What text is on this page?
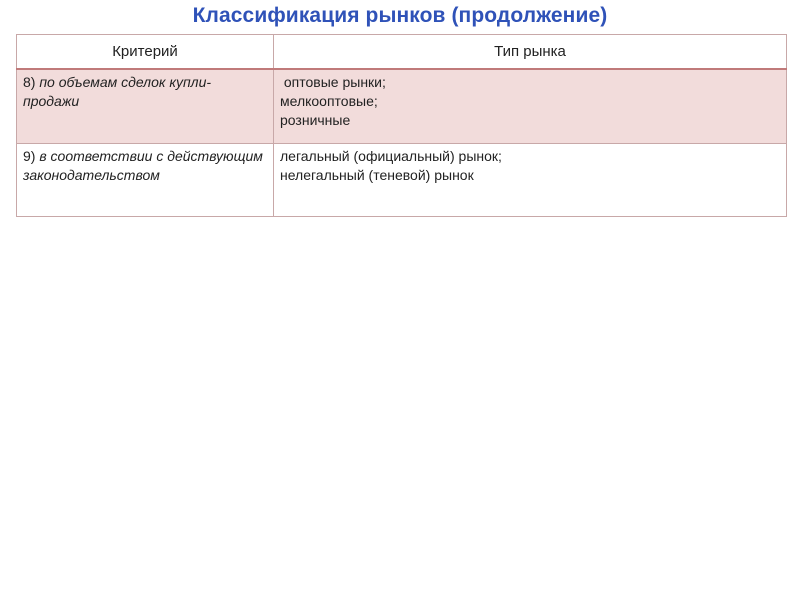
Классификация рынков (продолжение)
Критерий	Тип рынка
8) по объемам сделок купли-продажи	оптовые рынки;
мелкооптовые;
розничные

9) в соответствии с действующим законодательством	легальный (официальный) рынок;
нелегальный (теневой) рынок
